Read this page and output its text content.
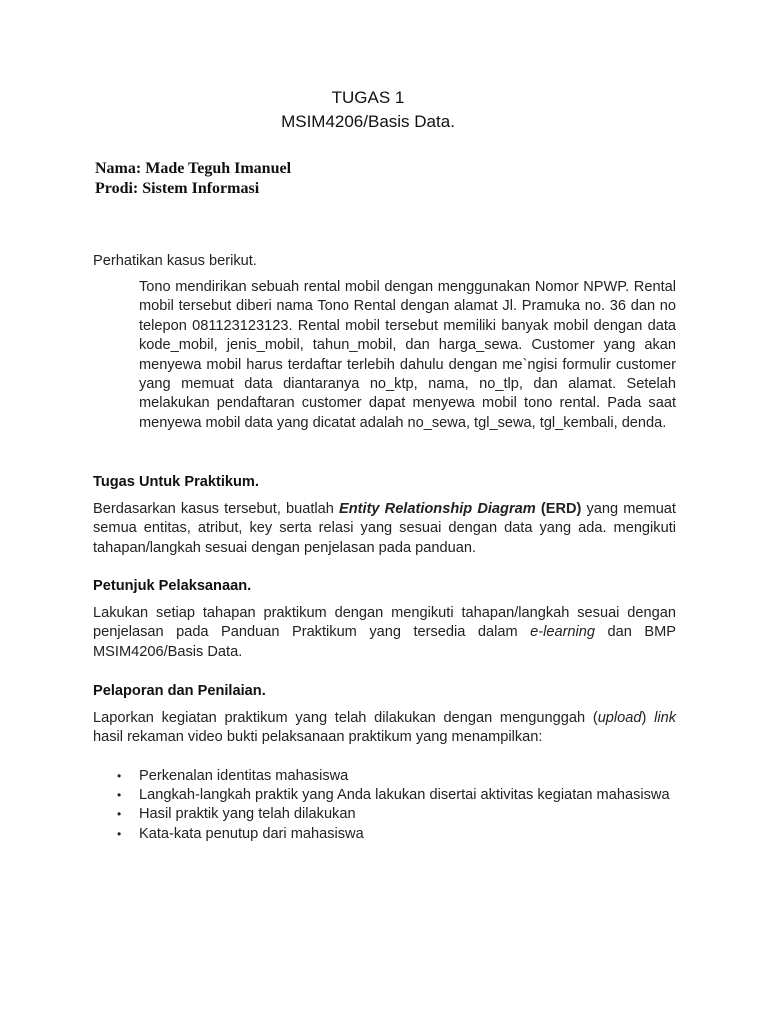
TUGAS 1
MSIM4206/Basis Data.
Nama: Made Teguh Imanuel
Prodi: Sistem Informasi
Perhatikan kasus berikut.
Tono mendirikan sebuah rental mobil dengan menggunakan Nomor NPWP. Rental mobil tersebut diberi nama Tono Rental dengan alamat Jl. Pramuka no. 36 dan no telepon 081123123123. Rental mobil tersebut memiliki banyak mobil dengan data kode_mobil, jenis_mobil, tahun_mobil, dan harga_sewa. Customer yang akan menyewa mobil harus terdaftar terlebih dahulu dengan me`ngisi formulir customer yang memuat data diantaranya no_ktp, nama, no_tlp, dan alamat. Setelah melakukan pendaftaran customer dapat menyewa mobil tono rental. Pada saat menyewa mobil data yang dicatat adalah no_sewa, tgl_sewa, tgl_kembali, denda.
Tugas Untuk Praktikum.
Berdasarkan kasus tersebut, buatlah Entity Relationship Diagram (ERD) yang memuat semua entitas, atribut, key serta relasi yang sesuai dengan data yang ada. mengikuti tahapan/langkah sesuai dengan penjelasan pada panduan.
Petunjuk Pelaksanaan.
Lakukan setiap tahapan praktikum dengan mengikuti tahapan/langkah sesuai dengan penjelasan pada Panduan Praktikum yang tersedia dalam e-learning dan BMP MSIM4206/Basis Data.
Pelaporan dan Penilaian.
Laporkan kegiatan praktikum yang telah dilakukan dengan mengunggah (upload) link hasil rekaman video bukti pelaksanaan praktikum yang menampilkan:
• Perkenalan identitas mahasiswa
• Langkah-langkah praktik yang Anda lakukan disertai aktivitas kegiatan mahasiswa
• Hasil praktik yang telah dilakukan
• Kata-kata penutup dari mahasiswa
